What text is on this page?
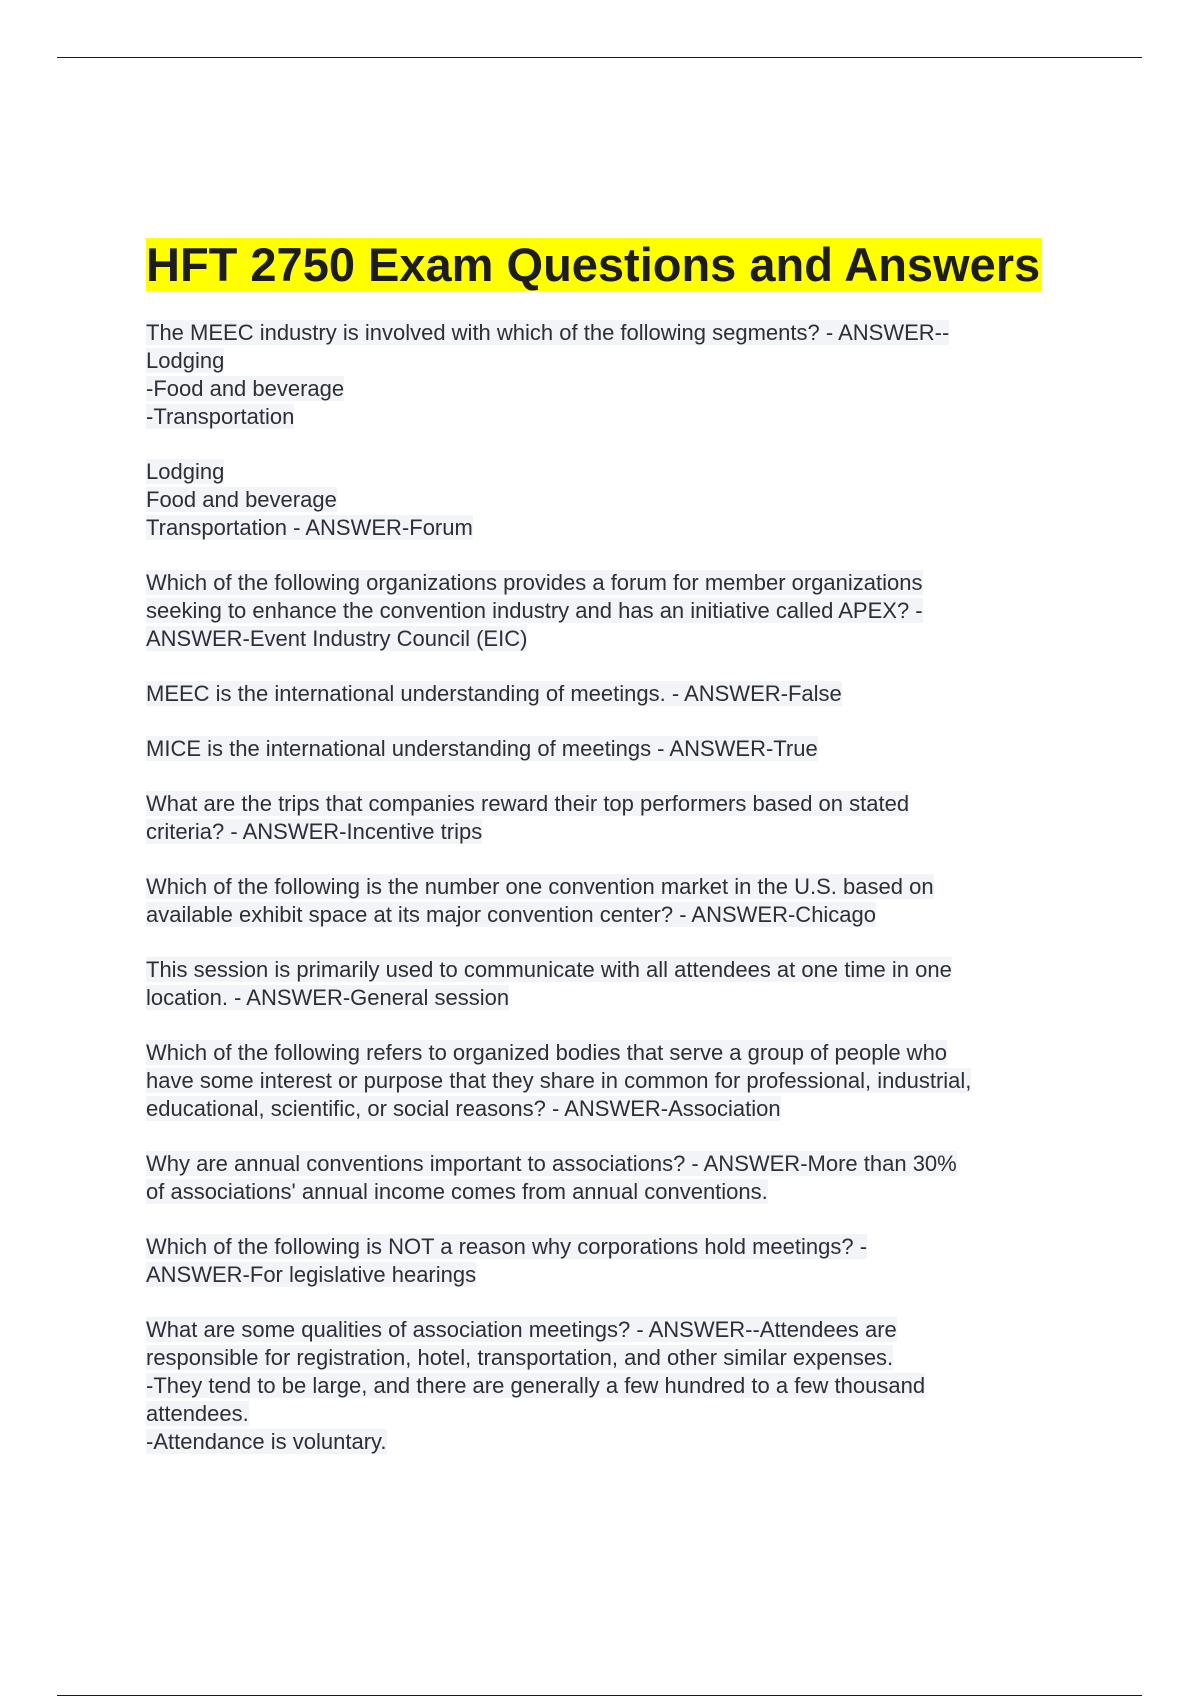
HFT 2750 Exam Questions and Answers

The MEEC industry is involved with which of the following segments? - ANSWER--
Lodging
-Food and beverage
-Transportation

Lodging
Food and beverage
Transportation - ANSWER-Forum

Which of the following organizations provides a forum for member organizations
seeking to enhance the convention industry and has an initiative called APEX? -
ANSWER-Event Industry Council (EIC)

MEEC is the international understanding of meetings. - ANSWER-False

MICE is the international understanding of meetings - ANSWER-True

What are the trips that companies reward their top performers based on stated
criteria? - ANSWER-Incentive trips

Which of the following is the number one convention market in the U.S. based on
available exhibit space at its major convention center? - ANSWER-Chicago

This session is primarily used to communicate with all attendees at one time in one
location. - ANSWER-General session

Which of the following refers to organized bodies that serve a group of people who
have some interest or purpose that they share in common for professional, industrial,
educational, scientific, or social reasons? - ANSWER-Association

Why are annual conventions important to associations? - ANSWER-More than 30%
of associations' annual income comes from annual conventions.

Which of the following is NOT a reason why corporations hold meetings? -
ANSWER-For legislative hearings

What are some qualities of association meetings? - ANSWER--Attendees are
responsible for registration, hotel, transportation, and other similar expenses.
-They tend to be large, and there are generally a few hundred to a few thousand
attendees.
-Attendance is voluntary.
